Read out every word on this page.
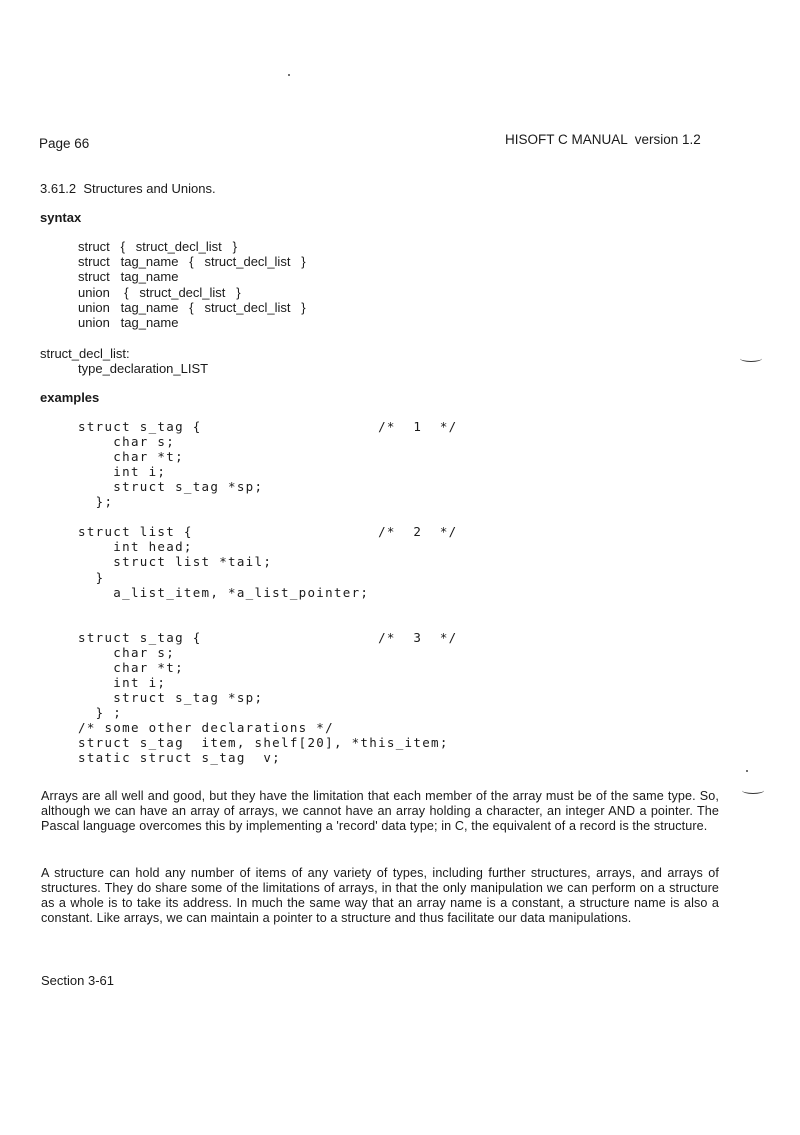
Page 66	HISOFT C MANUAL  version 1.2
3.61.2  Structures and Unions.
syntax
struct   {   struct_decl_list   }
struct   tag_name   {   struct_decl_list   }
struct   tag_name
union    {   struct_decl_list   }
union   tag_name   {   struct_decl_list   }
union   tag_name
struct_decl_list:
type_declaration_LIST
examples
struct s_tag {                    /*  1  */
char s;
char *t;
int i;
struct s_tag *sp;
};
struct list {                     /*  2  */
int head;
struct list *tail;
}
a_list_item, *a_list_pointer;
struct s_tag {                    /*  3  */
char s;
char *t;
int i;
struct s_tag *sp;
} ;
/* some other declarations */
struct s_tag  item, shelf[20], *this_item;
static struct s_tag  v;

Arrays are all well and good, but they have the limitation that each member of the array must be of the same type. So, although we can have an array of arrays, we cannot have an array holding a character, an integer AND a pointer. The Pascal language overcomes this by implementing a 'record' data type; in C, the equivalent of a record is the structure.

A structure can hold any number of items of any variety of types, including further structures, arrays, and arrays of structures. They do share some of the limitations of arrays, in that the only manipulation we can perform on a structure as a whole is to take its address. In much the same way that an array name is a constant, a structure name is also a constant. Like arrays, we can maintain a pointer to a structure and thus facilitate our data manipulations.

Section 3-61
